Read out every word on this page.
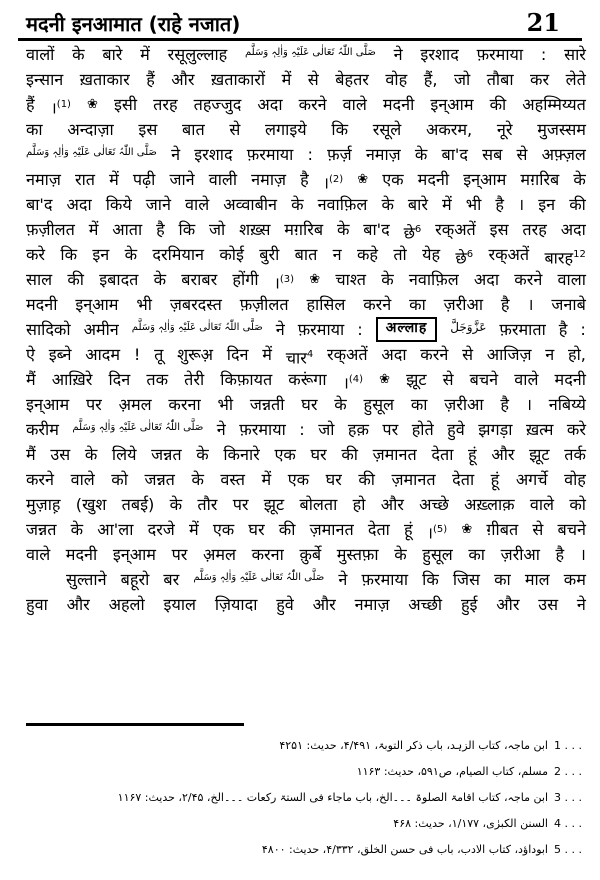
मदनी इनआमात (राहे नजात)	21
वालों के बारे में रसूलुल्लाह صَلَّى اللّٰہُ تَعَالٰی عَلَیْہِ وَاٰلِہٖ وَسَلَّم ने इरशाद फ़रमाया : सारे
इन्सान ख़ताकार हैं और ख़ताकारों में से बेहतर वोह हैं, जो तौबा कर लेते
हैं ।$^{(1)}$ ❀ इसी तरह तहज्जुद अदा करने वाले मदनी इन्आम की अहम्मिय्यत
का अन्दाज़ा इस बात से लगाइये कि रसूले अकरम, नूरे मुजस्सम
صَلَّى اللّٰہُ تَعَالٰی عَلَیْہِ وَاٰلِہٖ وَسَلَّم ने इरशाद फ़रमाया : फ़र्ज़ नमाज़ के बा'द सब से अफ़्ज़ल
नमाज़ रात में पढ़ी जाने वाली नमाज़ है ।$^{(2)}$ ❀ एक मदनी इन्आम मग़रिब के
बा'द अदा किये जाने वाले अव्वाबीन के नवाफ़िल के बारे में भी है । इन की
फ़ज़ीलत में आता है कि जो शख़्स मग़रिब के बा'द छे$^6$ रक्अतें इस तरह अदा
करे कि इन के दरमियान कोई बुरी बात न कहे तो येह छे$^6$ रक्अतें बारह$^{12}$
साल की इबादत के बराबर होंगी ।$^{(3)}$ ❀ चाश्त के नवाफ़िल अदा करने वाला
मदनी इन्आम भी ज़बरदस्त फ़ज़ीलत हासिल करने का ज़रीआ है । जनाबे
सादिको अमीन صَلَّى اللّٰہُ تَعَالٰی عَلَیْہِ وَاٰلِہٖ وَسَلَّم ने फ़रमाया :	अल्लाह	عَزَّوَجَلَّ फ़रमाता है :
ऐ इब्ने आदम ! तू शुरूअ़ दिन में चार$^4$ रक्अतें अदा करने से आजिज़ न हो,
मैं आख़िरे दिन तक तेरी किफ़ायत करूंगा ।$^{(4)}$ ❀ झूट से बचने वाले मदनी
इन्आम पर अ़मल करना भी जन्नती घर के हुसूल का ज़रीआ है । नबिय्ये
करीम صَلَّى اللّٰہُ تَعَالٰی عَلَیْہِ وَاٰلِہٖ وَسَلَّم ने फ़रमाया : जो हक़ पर होते हुवे झगड़ा ख़त्म करे
मैं उस के लिये जन्नत के किनारे एक घर की ज़मानत देता हूं और झूट तर्क
करने वाले को जन्नत के वस्त में एक घर की ज़मानत देता हूं अगर्चे वोह
मुज़ाह़ (खुश तबई) के तौर पर झूट बोलता हो और अच्छे अख़्लाक़ वाले को
जन्नत के आ'ला दरजे में एक घर की ज़मानत देता हूं ।$^{(5)}$ ❀ ग़ीबत से बचने
वाले मदनी इन्आम पर अ़मल करना क़ुर्बे मुस्तफ़ा के हुसूल का ज़रीआ है ।
सुल्ताने बहूरो बर صَلَّى اللّٰہُ تَعَالٰی عَلَیْہِ وَاٰلِہٖ وَسَلَّم ने फ़रमाया कि जिस का माल कम
हुवा और अहलो इयाल ज़ियादा हुवे और नमाज़ अच्छी हुई और उस ने
ابن ماجہ، کتاب الزہد، باب ذکر التوبۃ، ۴/۴۹۱، حدیث: ۴۲۵۱ 1 . . .
مسلم، کتاب الصیام، ص۵۹۱، حدیث: ۱۱۶۳ 2 . . .
ابن ماجہ، کتاب اقامۃ الصلوۃ ۔۔۔الخ، باب ماجاء فی الستۃ رکعات ۔۔۔الخ، ۲/۴۵، حدیث: ۱۱۶۷ 3 . . .
السنن الکبرٰی، ۱/۱۷۷، حدیث: ۴۶۸ 4 . . .
ابوداؤد، کتاب الادب، باب فی حسن الخلق، ۴/۳۳۲، حدیث: ۴۸۰۰ 5 . . .
